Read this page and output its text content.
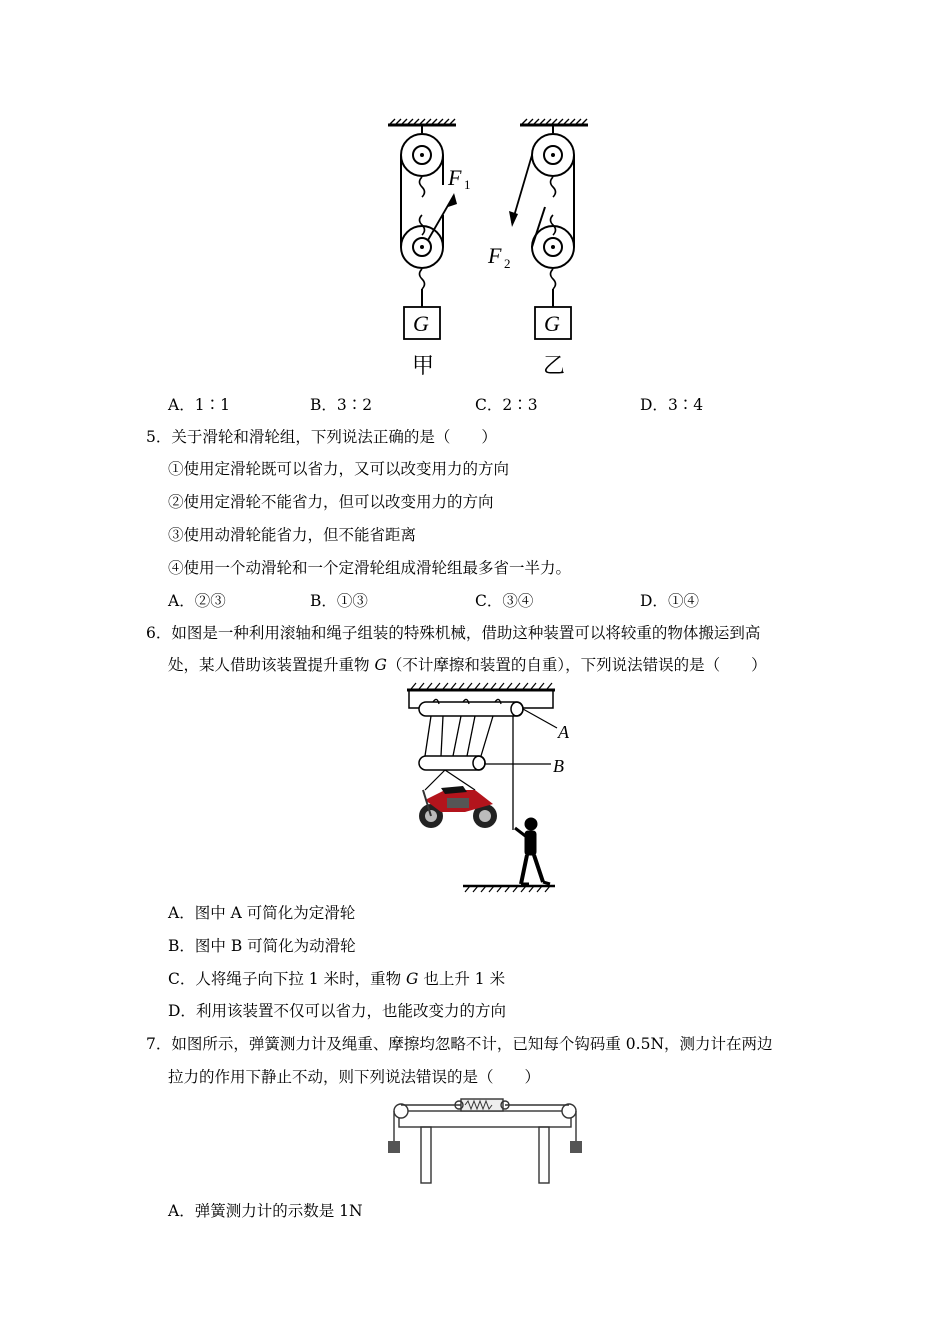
F 1
F 2
G	G
甲	乙
A．1∶1	B．3∶2	C．2∶3	D．3∶4
5．关于滑轮和滑轮组，下列说法正确的是（　　）
①使用定滑轮既可以省力，又可以改变用力的方向
②使用定滑轮不能省力，但可以改变用力的方向
③使用动滑轮能省力，但不能省距离
④使用一个动滑轮和一个定滑轮组成滑轮组最多省一半力。
A．②③	B．①③	C．③④	D．①④
6．如图是一种利用滚轴和绳子组装的特殊机械，借助这种装置可以将较重的物体搬运到高
处，某人借助该装置提升重物 G（不计摩擦和装置的自重），下列说法错误的是（　　）
A
B
A．图中 A 可简化为定滑轮
B．图中 B 可简化为动滑轮
C．人将绳子向下拉 1 米时，重物 G 也上升 1 米
D．利用该装置不仅可以省力，也能改变力的方向
7．如图所示，弹簧测力计及绳重、摩擦均忽略不计，已知每个钩码重 0.5N，测力计在两边
拉力的作用下静止不动，则下列说法错误的是（　　）
A．弹簧测力计的示数是 1N
